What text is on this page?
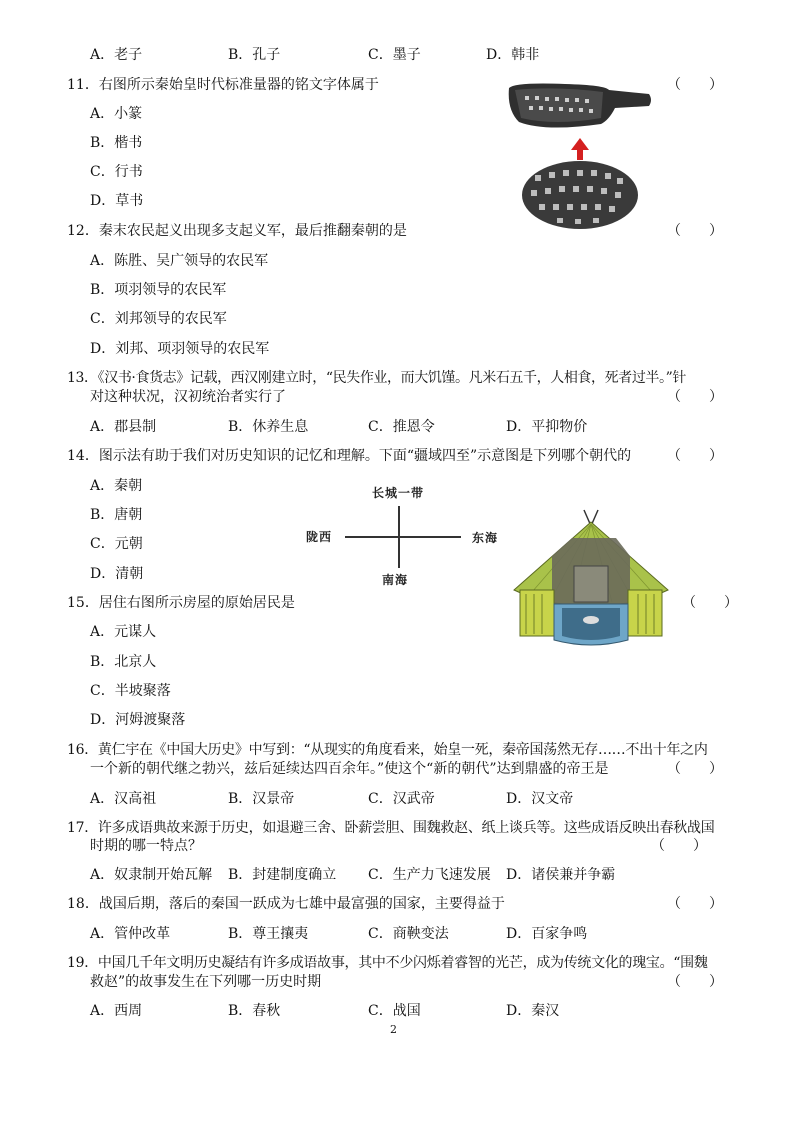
A．老子	B．孔子	C．墨子	D．韩非
11．右图所示秦始皇时代标准量器的铭文字体属于	（　　）
A．小篆
B．楷书
C．行书
D．草书
12．秦末农民起义出现多支起义军，最后推翻秦朝的是	（　　）
A．陈胜、吴广领导的农民军
B．项羽领导的农民军
C．刘邦领导的农民军
D．刘邦、项羽领导的农民军
13．《汉书·食货志》记载，西汉刚建立时，“民失作业，而大饥馑。凡米石五千，人相食，死者过半。”针
对这种状况，汉初统治者实行了	（　　）
A．郡县制	B．休养生息	C．推恩令	D．平抑物价
14．图示法有助于我们对历史知识的记忆和理解。下面“疆域四至”示意图是下列哪个朝代的	（　　）
A．秦朝
B．唐朝
C．元朝
D．清朝
长城一带
陇西	东海
南海
15．居住右图所示房屋的原始居民是	（　　）
A．元谋人
B．北京人
C．半坡聚落
D．河姆渡聚落
16．黄仁宇在《中国大历史》中写到：“从现实的角度看来，始皇一死，秦帝国荡然无存……不出十年之内
一个新的朝代继之勃兴，兹后延续达四百余年。”使这个“新的朝代”达到鼎盛的帝王是	（　　）
A．汉高祖	B．汉景帝	C．汉武帝	D．汉文帝
17．许多成语典故来源于历史，如退避三舍、卧薪尝胆、围魏救赵、纸上谈兵等。这些成语反映出春秋战国
时期的哪一特点？	（　　）
A．奴隶制开始瓦解 B．封建制度确立 C．生产力飞速发展 D．诸侯兼并争霸
18．战国后期，落后的秦国一跃成为七雄中最富强的国家，主要得益于	（　　）
A．管仲改革	B．尊王攘夷	C．商鞅变法	D．百家争鸣
19．中国几千年文明历史凝结有许多成语故事，其中不少闪烁着睿智的光芒，成为传统文化的瑰宝。“围魏
救赵”的故事发生在下列哪一历史时期	（　　）
A．西周	B．春秋	C．战国	D．秦汉
2
